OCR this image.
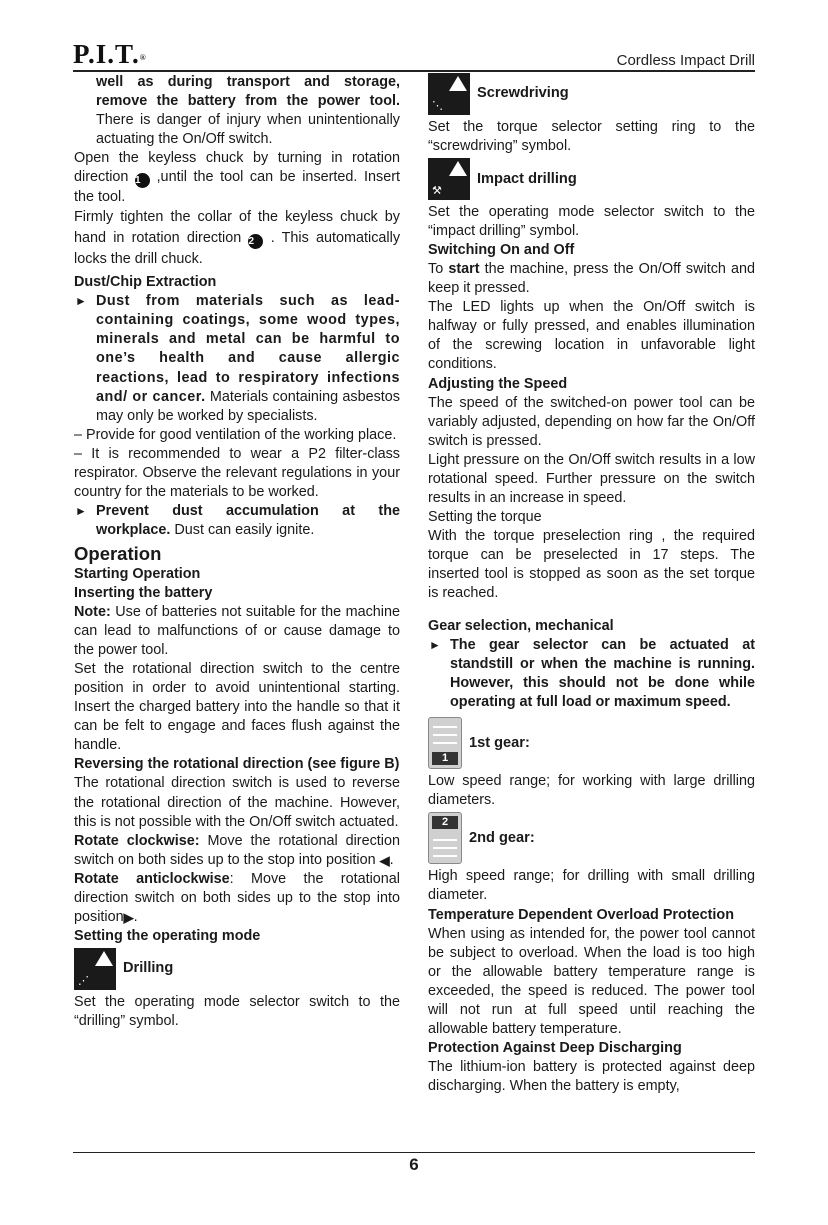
P.I.T.®	Cordless Impact Drill

well as during transport and storage, remove the battery from the power tool. There is danger of injury when unintentionally actuating the On/Off switch.

Open the keyless chuck by turning in rotation direction 1 ,until the tool can be inserted. Insert the tool.

Firmly tighten the collar of the keyless chuck by hand in rotation direction 2 . This automatically locks the drill chuck.

Dust/Chip Extraction

► Dust from materials such as lead-containing coatings, some wood types, minerals and metal can be harmful to one’s health and cause allergic reactions, lead to respiratory infections and/ or cancer. Materials containing asbestos may only be worked by specialists.

– Provide for good ventilation of the working place.

– It is recommended to wear a P2 filter-class respirator. Observe the relevant regulations in your country for the materials to be worked.

► Prevent dust accumulation at the workplace. Dust can easily ignite.

Operation

Starting Operation

Inserting the battery

Note: Use of batteries not suitable for the machine can lead to malfunctions of or cause damage to the power tool.

Set the rotational direction switch to the centre position in order to avoid unintentional starting. Insert the charged battery into the handle so that it can be felt to engage and faces flush against the handle.

Reversing the rotational direction (see figure B)

The rotational direction switch is used to reverse the rotational direction of the machine. However, this is not possible with the On/Off switch actuated.

Rotate clockwise: Move the rotational direction switch on both sides up to the stop into position ◀.

Rotate anticlockwise: Move the rotational direction switch on both sides up to the stop into position▶.

Setting the operating mode

⋰
Drilling

Set the operating mode selector switch to the “drilling” symbol.

⋱
Screwdriving

Set the torque selector setting ring to the “screwdriving” symbol.

⚒
Impact drilling

Set the operating mode selector switch to the “impact drilling” symbol.

Switching On and Off

To start the machine, press the On/Off switch and keep it pressed.

The LED lights up when the On/Off switch is halfway or fully pressed, and enables illumination of the screwing location in unfavorable light conditions.

Adjusting the Speed

The speed of the switched-on power tool can be variably adjusted, depending on how far the On/Off switch is pressed.

Light pressure on the On/Off switch results in a low rotational speed. Further pressure on the switch results in an increase in speed.

Setting the torque

With the torque preselection ring , the required torque can be preselected in 17 steps. The inserted tool is stopped as soon as the set torque is reached.

Gear selection, mechanical

► The gear selector can be actuated at standstill or when the machine is running. However, this should not be done while operating at full load or maximum speed.

1
1st gear:

Low speed range; for working with large drilling diameters.

2
2nd gear:

High speed range; for drilling with small drilling diameter.

Temperature Dependent Overload Protection

When using as intended for, the power tool cannot be subject to overload. When the load is too high or the allowable battery temperature range is exceeded, the speed is reduced. The power tool will not run at full speed until reaching the allowable battery temperature.

Protection Against Deep Discharging

The lithium-ion battery is protected against deep discharging. When the battery is empty,

6
